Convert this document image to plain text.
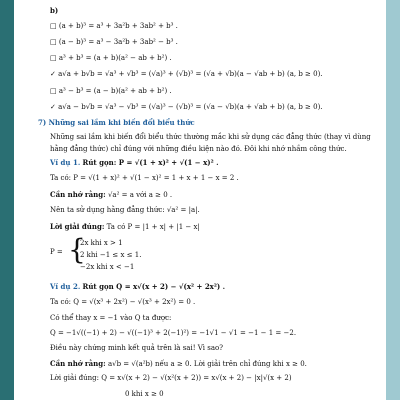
b)
□ (a + b)³ = a³ + 3a²b + 3ab² + b³ .
□ (a − b)³ = a³ − 3a²b + 3ab² − b³ .
□ a³ + b³ = (a + b)(a² − ab + b²) .
✓ a√a + b√b = √a³ + √b³ = (√a)³ + (√b)³ = (√a + √b)(a − √ab + b) (a, b ≥ 0).
□ a³ − b³ = (a − b)(a² + ab + b²) .
✓ a√a − b√b = √a³ − √b³ = (√a)³ − (√b)³ = (√a − √b)(a + √ab + b) (a, b ≥ 0).
7) Những sai lầm khi biến đổi biểu thức
Những sai lầm khi biến đổi biểu thức thường mắc khi sử dụng các đẳng thức (thay vì dùng
hằng đẳng thức) chỉ đúng với những điều kiện nào đó. Đôi khi nhớ nhầm công thức.
Ví dụ 1. Rút gọn: P = √(1 + x)² + √(1 − x)² .
Ta có: P = √(1 + x)² + √(1 − x)² = 1 + x + 1 − x = 2 .
Cần nhớ rằng: √a² = a với a ≥ 0 .
Nên ta sử dụng hằng đẳng thức: √a² = |a|.
Lời giải đúng: Ta có P = |1 + x| + |1 − x|
P = {
2x khi x > 1
2 khi −1 ≤ x ≤ 1.
−2x khi x < −1
Ví dụ 2. Rút gọn Q = x√(x + 2) − √(x² + 2x²) .
Ta có: Q = √(x³ + 2x²) − √(x³ + 2x²) = 0 .
Có thể thay x = −1 vào Q ta được:
Q = −1√((−1) + 2) − √((−1)³ + 2(−1)²) = −1√1 − √1 = −1 − 1 = −2.
Điều này chứng minh kết quả trên là sai! Vì sao?
Cần nhớ rằng: a√b = √(a²b) nếu a ≥ 0. Lời giải trên chỉ đúng khi x ≥ 0.
Lời giải đúng: Q = x√(x + 2) − √(x²(x + 2)) = x√(x + 2) − |x|√(x + 2)
0 khi x ≥ 0
